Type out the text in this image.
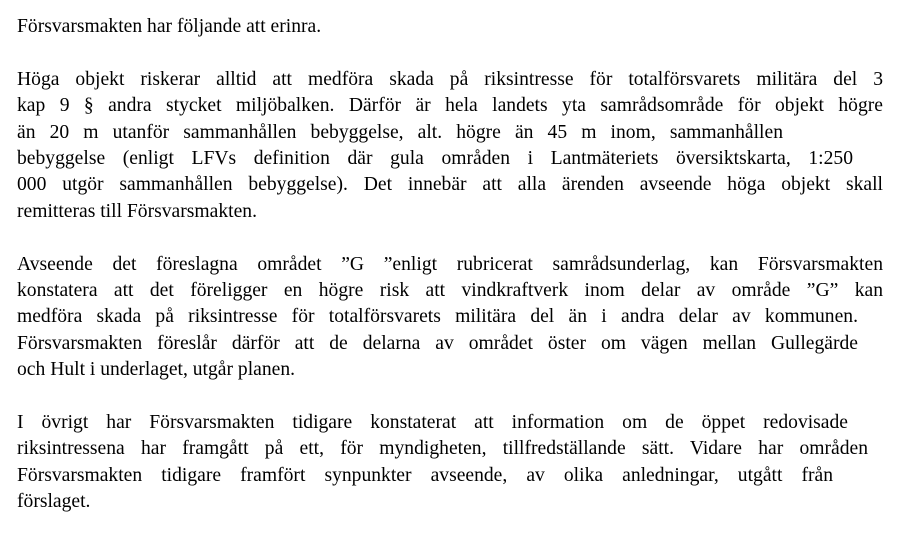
Försvarsmakten har följande att erinra.

Höga objekt riskerar alltid att medföra skada på riksintresse för totalförsvarets militära del 3
kap 9 § andra stycket miljöbalken. Därför är hela landets yta samrådsområde för objekt högre
än 20 m utanför sammanhållen bebyggelse, alt. högre än 45 m inom, sammanhållen
bebyggelse (enligt LFVs definition där gula områden i Lantmäteriets översiktskarta, 1:250
000 utgör sammanhållen bebyggelse). Det innebär att alla ärenden avseende höga objekt skall
remitteras till Försvarsmakten.

Avseende det föreslagna området ”G ”enligt rubricerat samrådsunderlag, kan Försvarsmakten
konstatera att det föreligger en högre risk att vindkraftverk inom delar av område ”G” kan
medföra skada på riksintresse för totalförsvarets militära del än i andra delar av kommunen.
Försvarsmakten föreslår därför att de delarna av området öster om vägen mellan Gullegärde
och Hult i underlaget, utgår planen.

I övrigt har Försvarsmakten tidigare konstaterat att information om de öppet redovisade
riksintressena har framgått på ett, för myndigheten, tillfredställande sätt. Vidare har områden
Försvarsmakten tidigare framfört synpunkter avseende, av olika anledningar, utgått från
förslaget.
